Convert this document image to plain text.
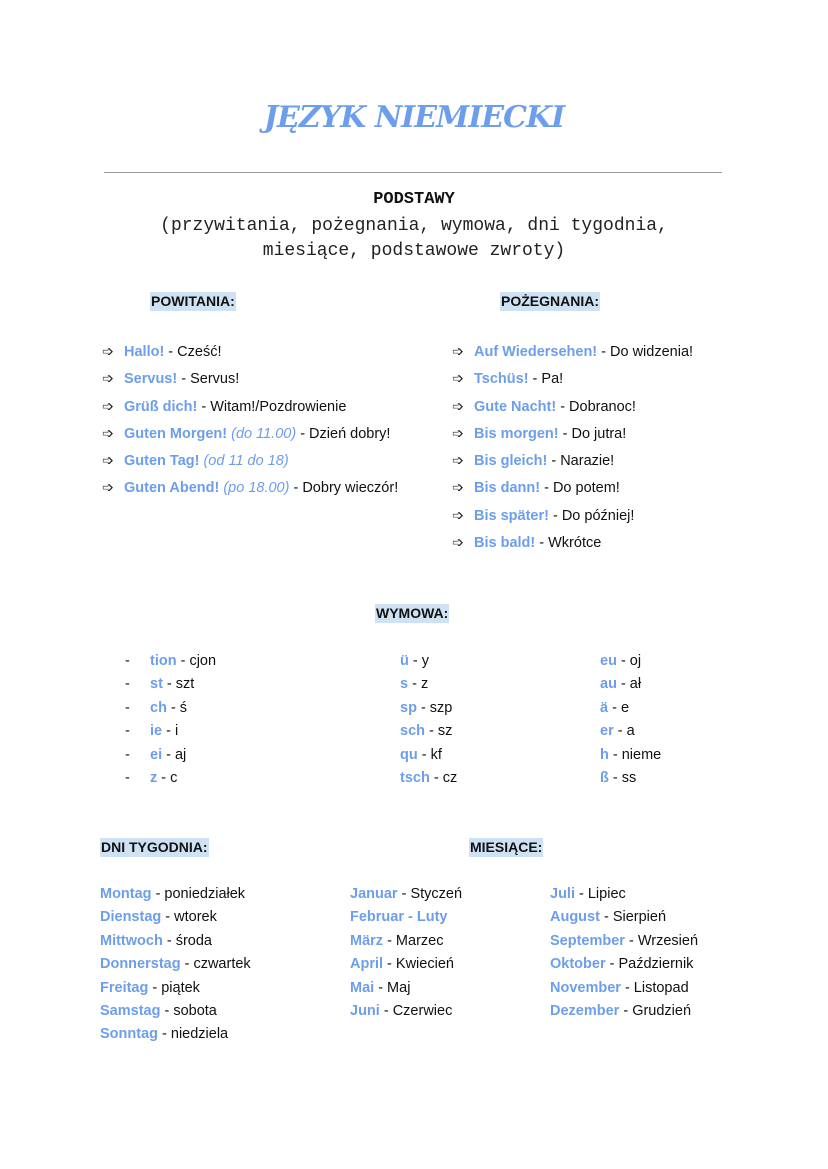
JĘZYK NIEMIECKI
PODSTAWY
(przywitania, pożegnania, wymowa, dni tygodnia,
miesiące, podstawowe zwroty)
POWITANIA:
➩ Hallo! - Cześć!
➩ Servus! - Servus!
➩ Grüß dich! - Witam!/Pozdrowienie
➩ Guten Morgen! (do 11.00) - Dzień dobry!
➩ Guten Tag! (od 11 do 18)
➩ Guten Abend! (po 18.00) - Dobry wieczór!
POŻEGNANIA:
➩ Auf Wiedersehen! - Do widzenia!
➩ Tschüs! - Pa!
➩ Gute Nacht! - Dobranoc!
➩ Bis morgen! - Do jutra!
➩ Bis gleich! - Narazie!
➩ Bis dann! - Do potem!
➩ Bis später! - Do później!
➩ Bis bald! - Wkrótce
WYMOWA:
- tion - cjon
- st - szt
- ch - ś
- ie - i
- ei - aj
- z - c
ü - y
s - z
sp - szp
sch - sz
qu - kf
tsch - cz
eu - oj
au - ał
ä - e
er - a
h - nieme
ß - ss
DNI TYGODNIA:
Montag - poniedziałek
Dienstag - wtorek
Mittwoch - środa
Donnerstag - czwartek
Freitag - piątek
Samstag - sobota
Sonntag - niedziela
MIESIĄCE:
Januar - Styczeń
Februar - Luty
März - Marzec
April - Kwiecień
Mai - Maj
Juni - Czerwiec
Juli - Lipiec
August - Sierpień
September - Wrzesień
Oktober - Październik
November - Listopad
Dezember - Grudzień
